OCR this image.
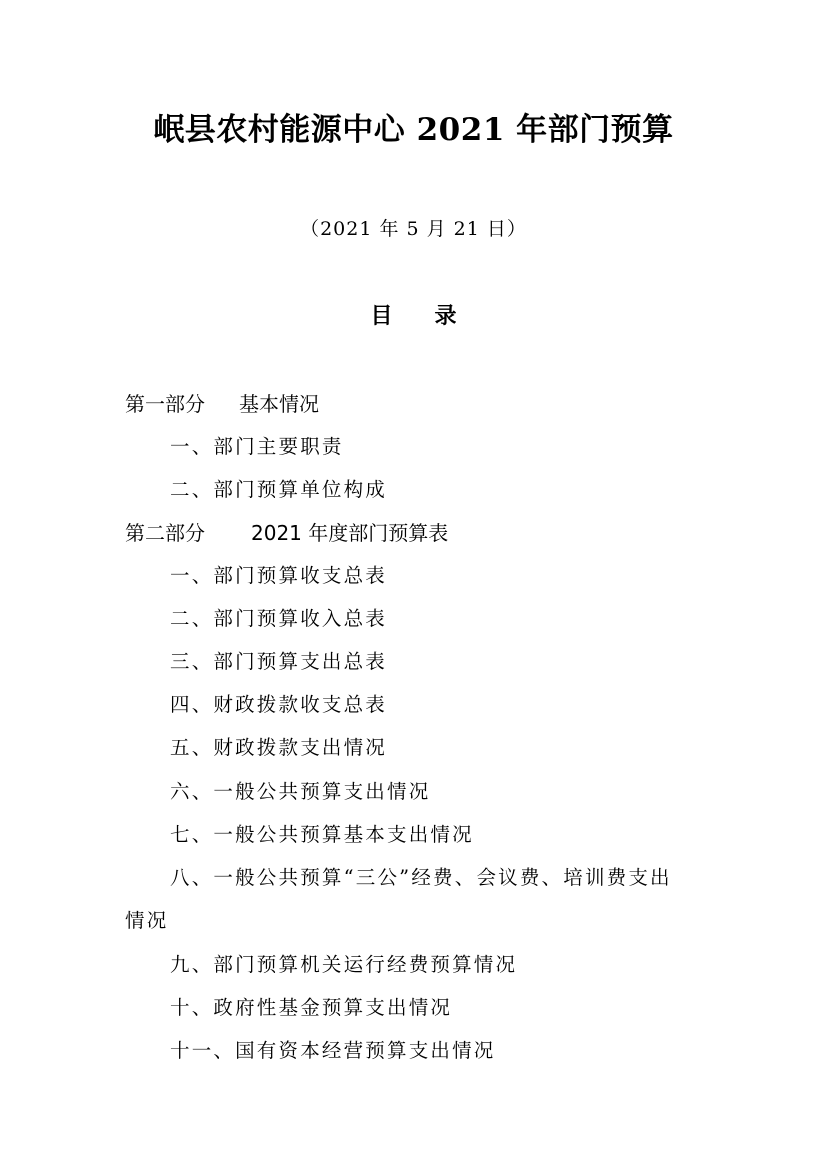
岷县农村能源中心 2021 年部门预算
（2021 年 5 月 21 日）
目 录
第一部分 基本情况
一、部门主要职责
二、部门预算单位构成
第二部分 2021 年度部门预算表
一、部门预算收支总表
二、部门预算收入总表
三、部门预算支出总表
四、财政拨款收支总表
五、财政拨款支出情况
六、一般公共预算支出情况
七、一般公共预算基本支出情况
八、一般公共预算“三公”经费、会议费、培训费支出
情况
九、部门预算机关运行经费预算情况
十、政府性基金预算支出情况
十一、国有资本经营预算支出情况
